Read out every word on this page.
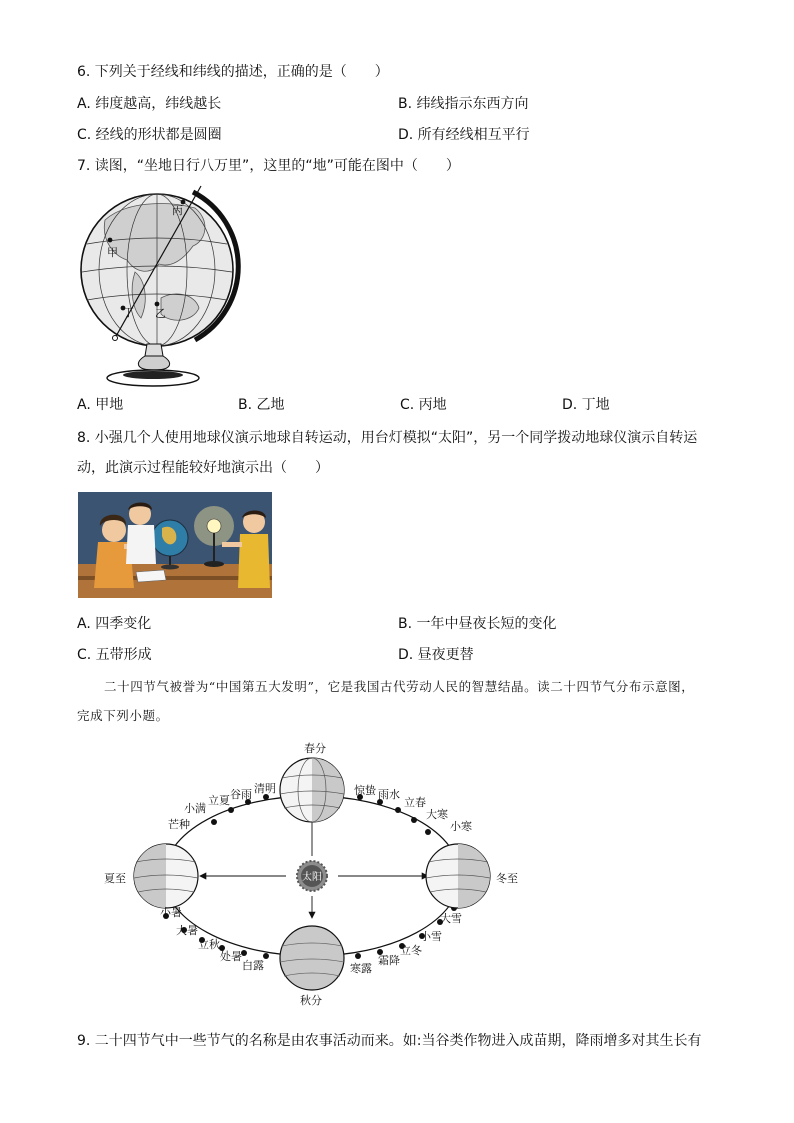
6. 下列关于经线和纬线的描述，正确的是（　　）
A. 纬度越高，纬线越长	B. 纬线指示东西方向
C. 经线的形状都是圆圈	D. 所有经线相互平行
7. 读图，“坐地日行八万里”，这里的“地”可能在图中（　　）
丙
甲
丁 乙
A. 甲地	B. 乙地	C. 丙地	D. 丁地
8. 小强几个人使用地球仪演示地球自转运动，用台灯模拟“太阳”，另一个同学拨动地球仪演示自转运
动，此演示过程能较好地演示出（　　）
A. 四季变化	B. 一年中昼夜长短的变化
C. 五带形成	D. 昼夜更替
二十四节气被誉为“中国第五大发明”，它是我国古代劳动人民的智慧结晶。读二十四节气分布示意图，
完成下列小题。
太阳
春分
夏至
秋分
冬至
清明
谷雨
立夏
小满
芒种
小暑
大暑
立秋
处暑
白露	寒露
霜降
立冬
小雪
大雪
小寒
大寒
立春
雨水
惊蛰
9. 二十四节气中一些节气的名称是由农事活动而来。如:当谷类作物进入成苗期，降雨增多对其生长有
